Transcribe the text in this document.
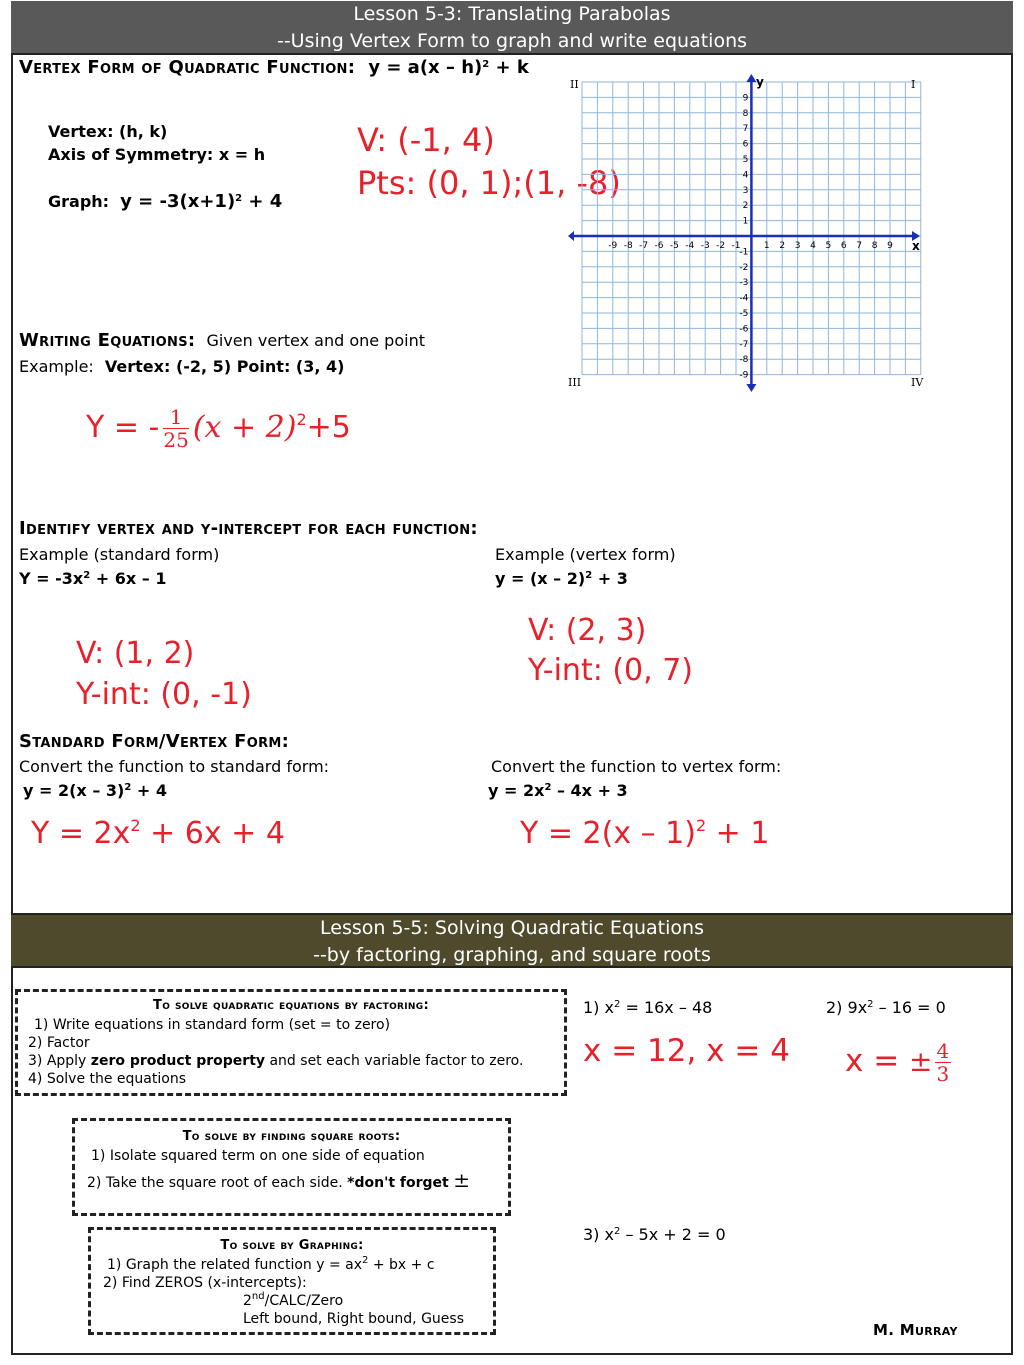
Lesson 5-3: Translating Parabolas
--Using Vertex Form to graph and write equations
Vertex Form of Quadratic Function: y = a(x – h)$^2$ + k
Vertex: (h, k)
Axis of Symmetry: x = h
Graph: $y = -3(x+1)^2 + 4$
V: (-1, 4)
Pts: (0, 1);(1, -8)
-9 -8 -7 -6 -5 -4 -3 -2 -1	1 2 3 4 5 6 7 8 9
9
8
7
6
5
4
3
2
1
-1
-2
-3
-4
-5
-6
-7
-8
-9
II	I
III	IV
y
x
Writing Equations: Given vertex and one point
Example: Vertex: (-2, 5) Point: (3, 4)
Y = - $\frac{1}{25} (x + 2)^2+5$
Identify vertex and y-intercept for each function:
Example (standard form)
$Y = -3x^2 + 6x - 1$
Example (vertex form)
y = (x – 2)$^2$ + 3
V: (2, 3)
Y-int: (0, 7)
V: (1, 2)
Y-int: (0, -1)
Standard Form/Vertex Form:
Convert the function to standard form:
y = 2(x – 3)$^2$ + 4
Convert the function to vertex form:
$y = 2x^2 - 4x + 3$
$Y = 2x^2 + 6x + 4$	Y = 2(x – 1)$^2$ + 1
Lesson 5-5: Solving Quadratic Equations
--by factoring, graphing, and square roots
To solve quadratic equations by factoring:
1) Write equations in standard form (set = to zero)
2) Factor
3) Apply zero product property and set each variable factor to zero.
4) Solve the equations
To solve by finding square roots:
1) Isolate squared term on one side of equation
2) Take the square root of each side. *don't forget ±
To solve by Graphing:
1) Graph the related function $y = ax^2$ + bx + c
2) Find ZEROS (x-intercepts):
2nd/CALC/Zero
Left bound, Right bound, Guess
1) $x^2 = 16x - 48$
x = 12, x = 4
2) $9x^2 - 16 = 0$
x = ± $\frac{4}{3}$
3) $x^2 - 5x + 2 = 0$
M. Murray
